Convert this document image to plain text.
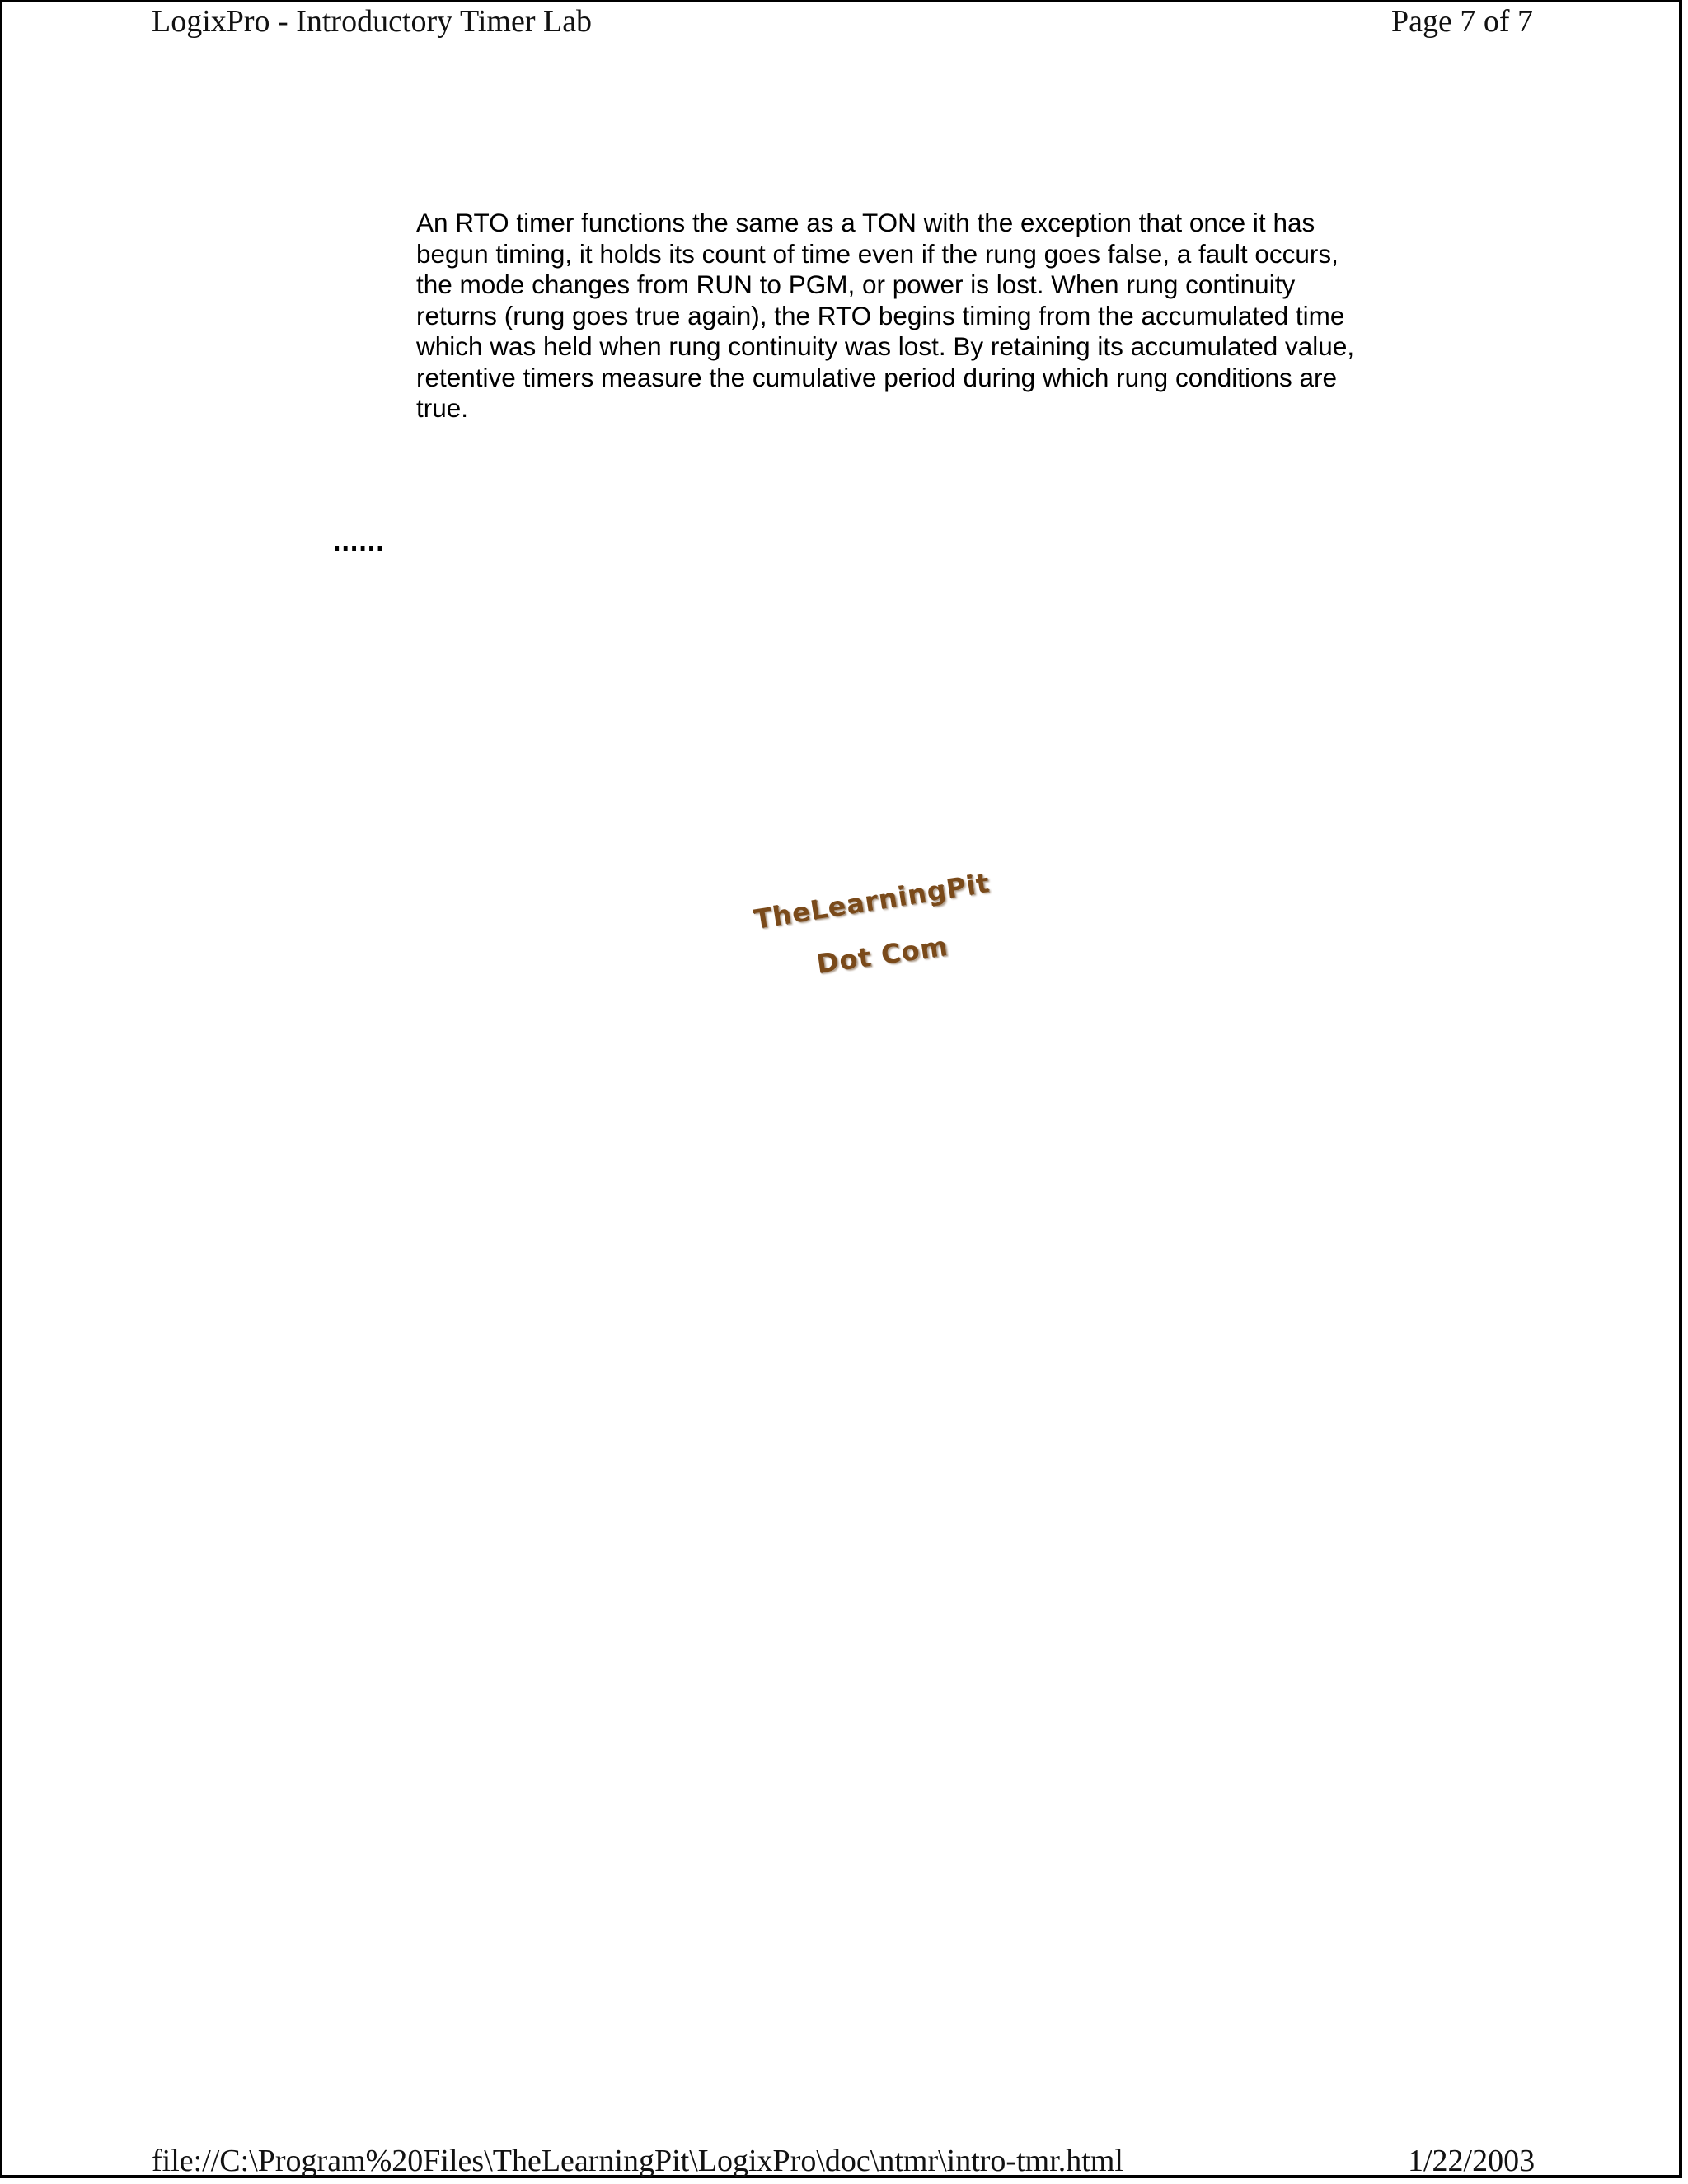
LogixPro - Introductory Timer Lab	Page 7 of 7
An RTO timer functions the same as a TON with the exception that once it has
begun timing, it holds its count of time even if the rung goes false, a fault occurs,
the mode changes from RUN to PGM, or power is lost. When rung continuity
returns (rung goes true again), the RTO begins timing from the accumulated time
which was held when rung continuity was lost. By retaining its accumulated value,
retentive timers measure the cumulative period during which rung conditions are
true.
......
TheLearningPit
Dot Com
file://C:\Program%20Files\TheLearningPit\LogixPro\doc\ntmr\intro-tmr.html	1/22/2003
